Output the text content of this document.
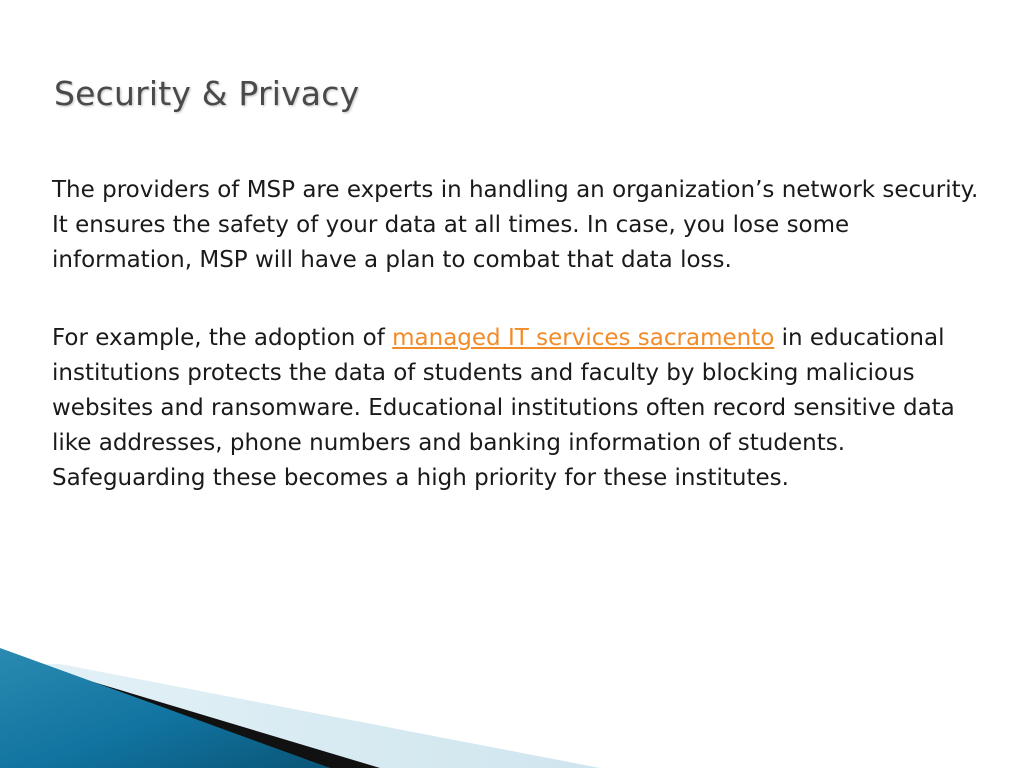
Security & Privacy

The providers of MSP are experts in handling an organization’s network security. It ensures the safety of your data at all times. In case, you lose some information, MSP will have a plan to combat that data loss.

For example, the adoption of managed IT services sacramento in educational institutions protects the data of students and faculty by blocking malicious websites and ransomware. Educational institutions often record sensitive data like addresses, phone numbers and banking information of students. Safeguarding these becomes a high priority for these institutes.
